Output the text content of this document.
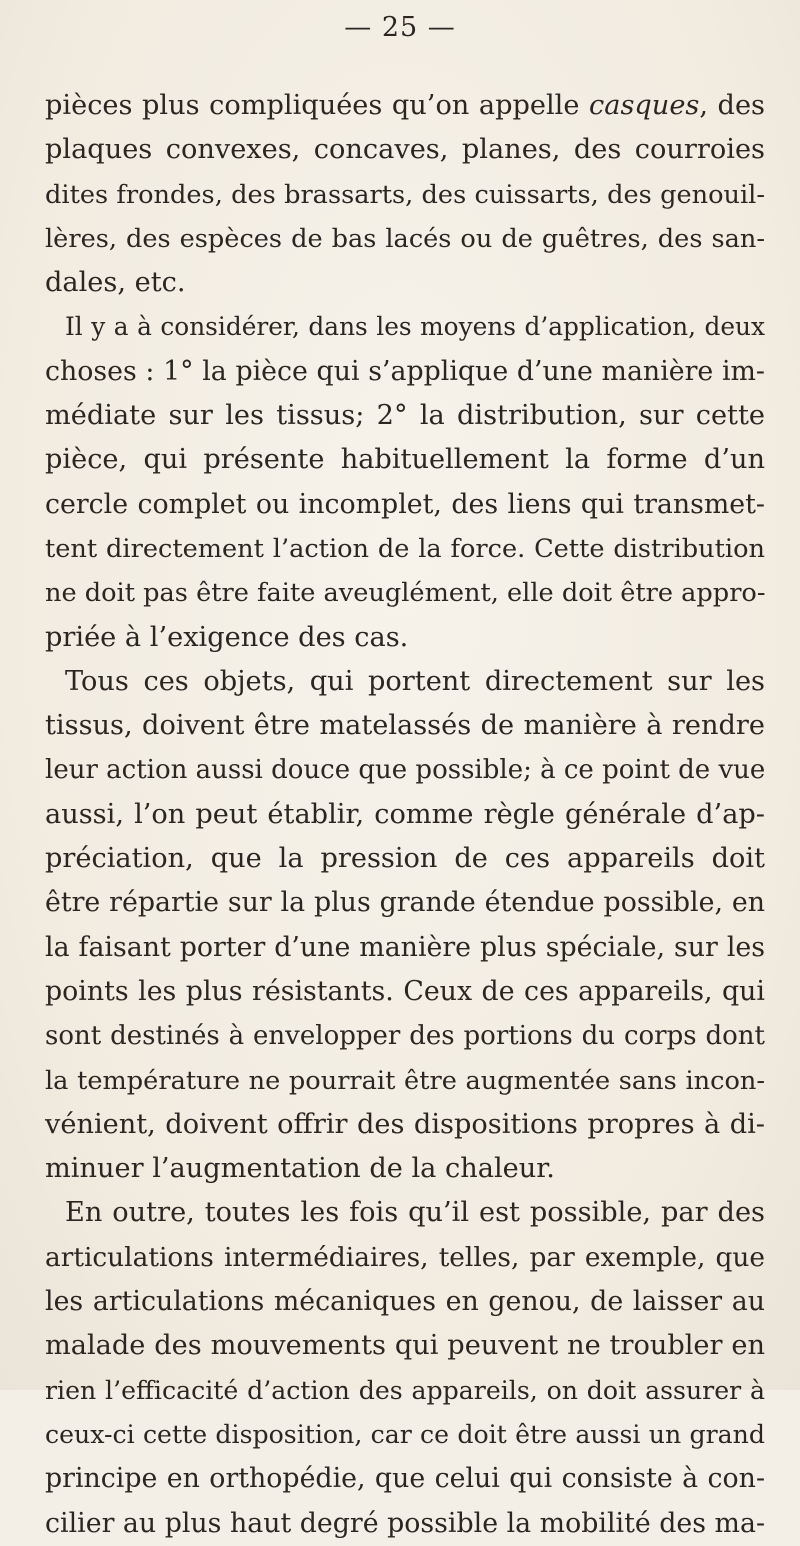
— 25 —
pièces plus compliquées qu’on appelle casques, des
plaques convexes, concaves, planes, des courroies
dites frondes, des brassarts, des cuissarts, des genouil-
lères, des espèces de bas lacés ou de guêtres, des san-
dales, etc.
Il y a à considérer, dans les moyens d’application, deux
choses : 1° la pièce qui s’applique d’une manière im-
médiate sur les tissus; 2° la distribution, sur cette
pièce, qui présente habituellement la forme d’un
cercle complet ou incomplet, des liens qui transmet-
tent directement l’action de la force. Cette distribution
ne doit pas être faite aveuglément, elle doit être appro-
priée à l’exigence des cas.
Tous ces objets, qui portent directement sur les
tissus, doivent être matelassés de manière à rendre
leur action aussi douce que possible; à ce point de vue
aussi, l’on peut établir, comme règle générale d’ap-
préciation, que la pression de ces appareils doit
être répartie sur la plus grande étendue possible, en
la faisant porter d’une manière plus spéciale, sur les
points les plus résistants. Ceux de ces appareils, qui
sont destinés à envelopper des portions du corps dont
la température ne pourrait être augmentée sans incon-
vénient, doivent offrir des dispositions propres à di-
minuer l’augmentation de la chaleur.
En outre, toutes les fois qu’il est possible, par des
articulations intermédiaires, telles, par exemple, que
les articulations mécaniques en genou, de laisser au
malade des mouvements qui peuvent ne troubler en
rien l’efficacité d’action des appareils, on doit assurer à
ceux-ci cette disposition, car ce doit être aussi un grand
principe en orthopédie, que celui qui consiste à con-
cilier au plus haut degré possible la mobilité des ma-
